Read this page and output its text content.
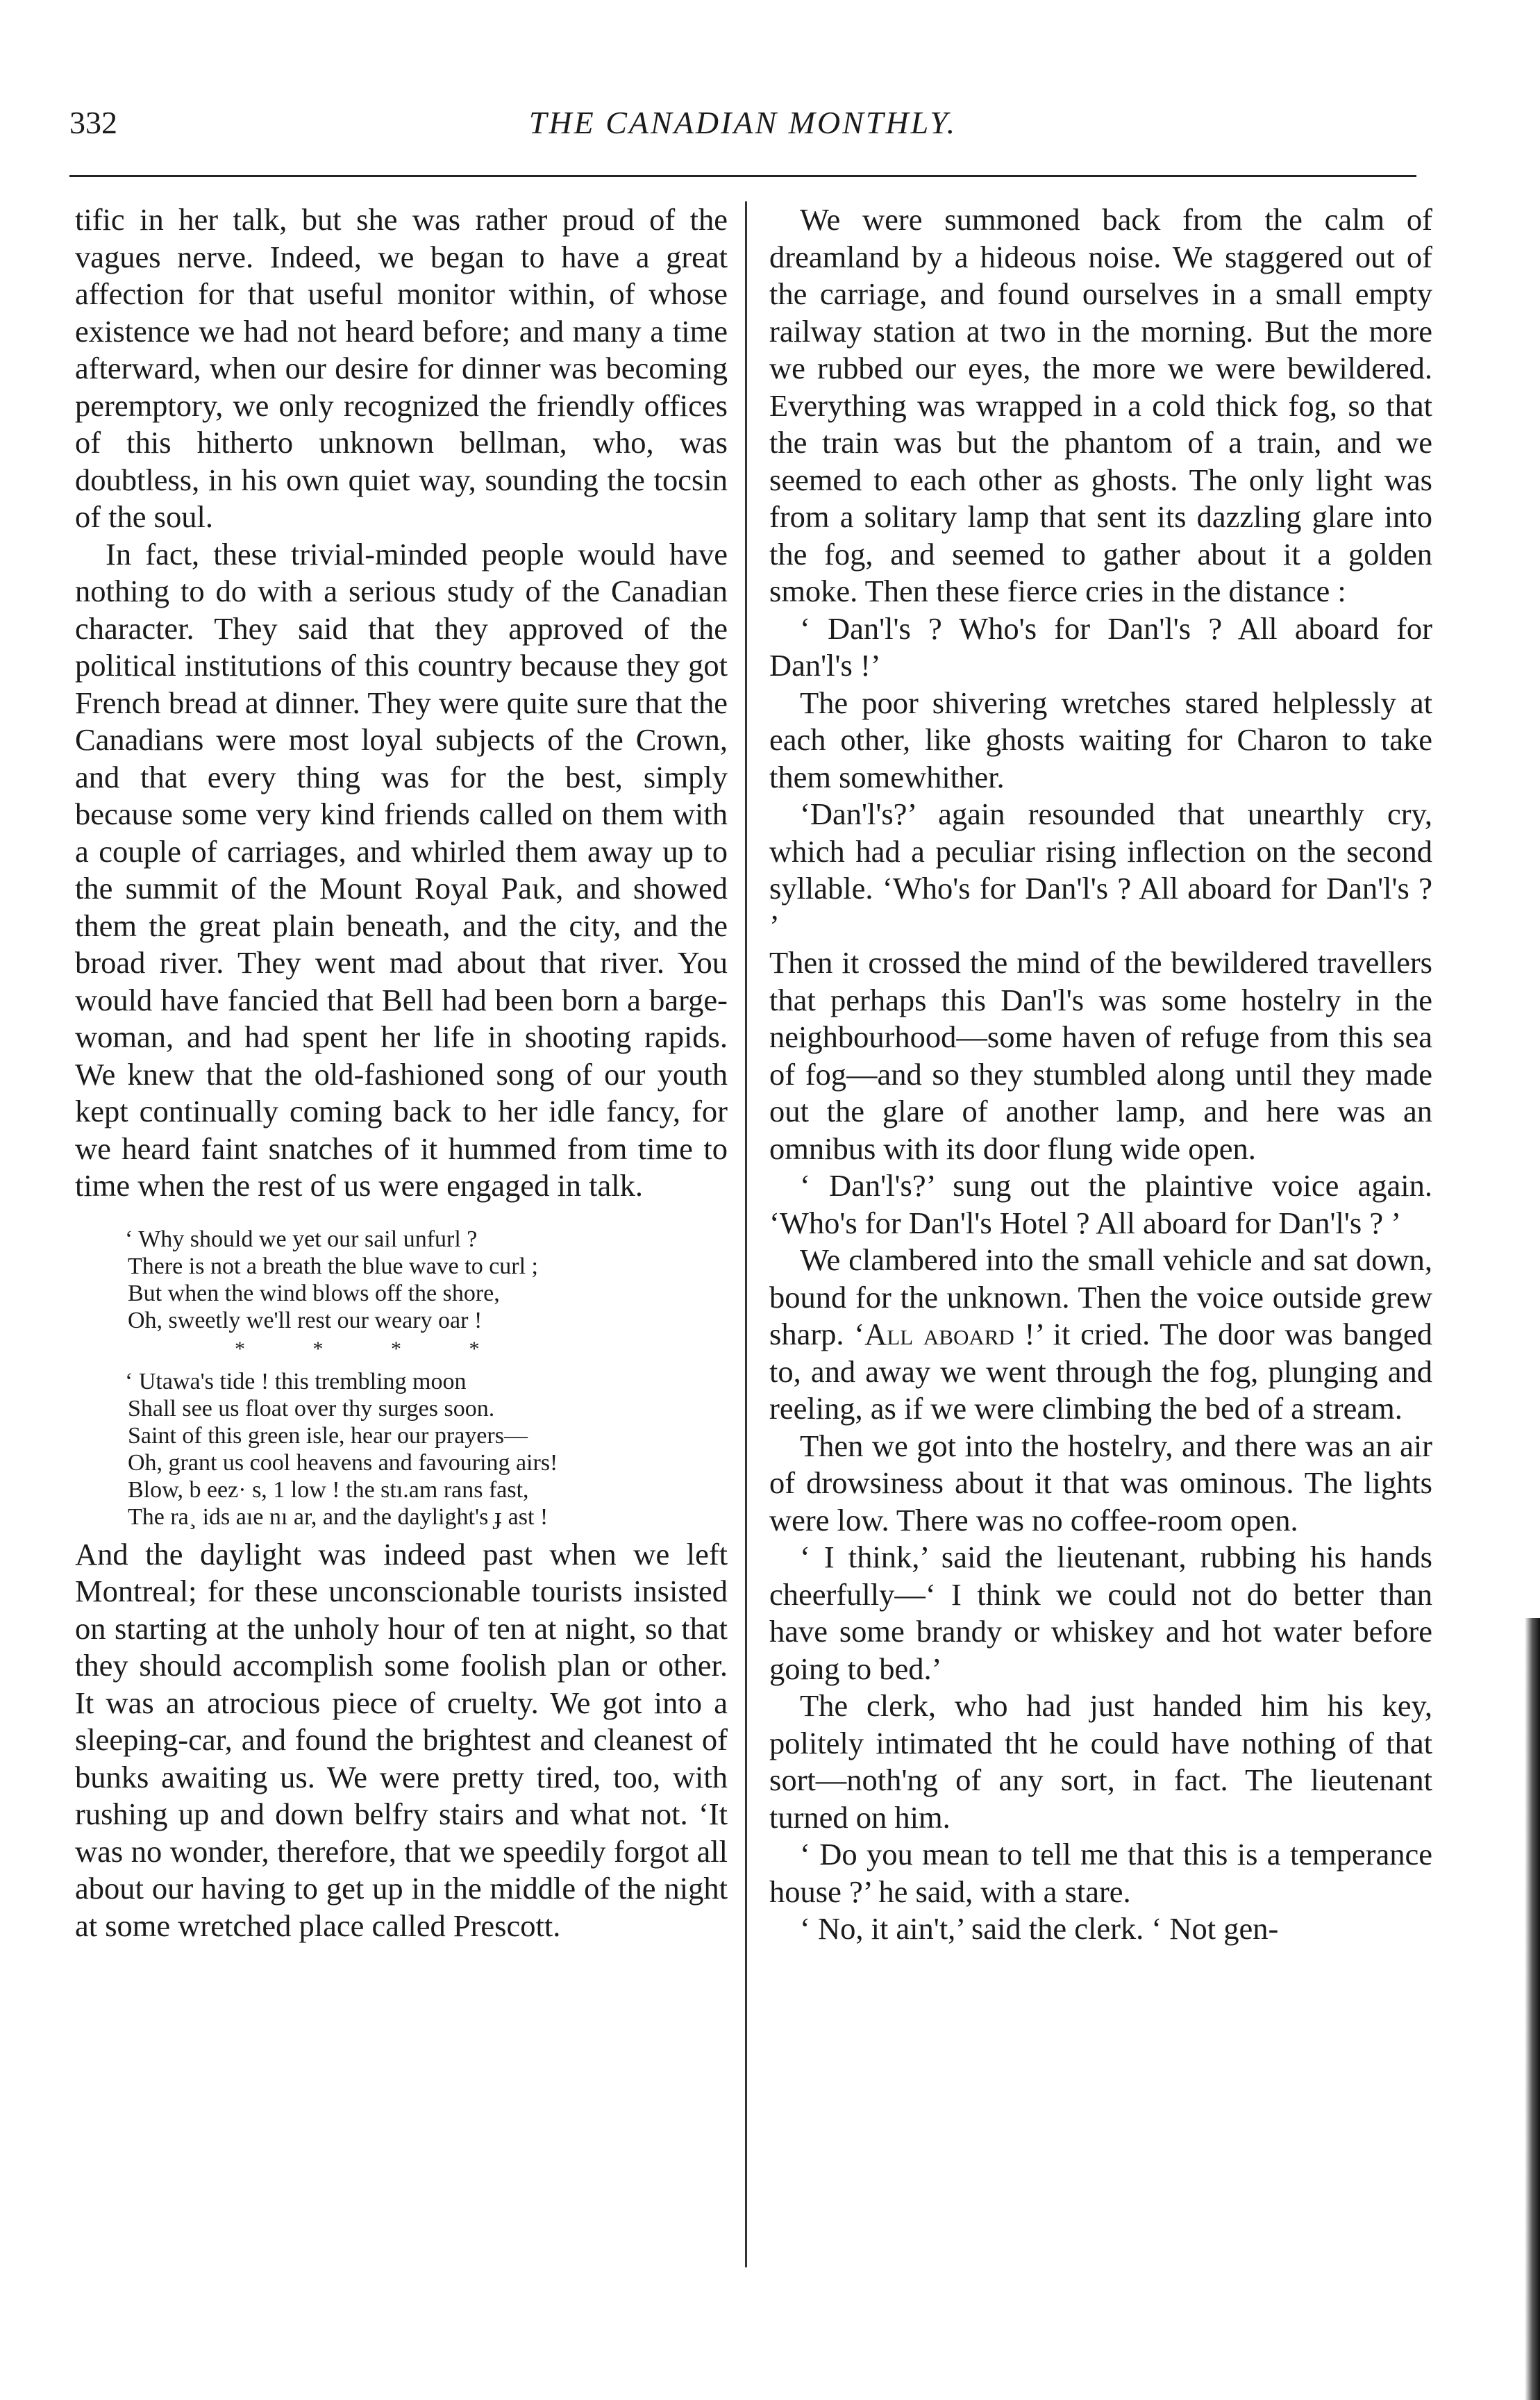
332	THE CANADIAN MONTHLY.

tific in her talk, but she was rather proud of the vagues nerve. Indeed, we began to have a great affection for that useful monitor within, of whose existence we had not heard before; and many a time afterward, when our desire for dinner was becoming peremptory, we only recognized the friendly offices of this hitherto unknown bellman, who, was doubtless, in his own quiet way, sounding the tocsin of the soul.

In fact, these trivial-minded people would have nothing to do with a serious study of the Canadian character. They said that they approved of the political institutions of this country because they got French bread at dinner. They were quite sure that the Canadians were most loyal subjects of the Crown, and that every thing was for the best, simply because some very kind friends called on them with a couple of carriages, and whirled them away up to the summit of the Mount Royal Paιk, and showed them the great plain beneath, and the city, and the broad river. They went mad about that river. You would have fancied that Bell had been born a barge-woman, and had spent her life in shooting rapids. We knew that the old-fashioned song of our youth kept continually coming back to her idle fancy, for we heard faint snatches of it hummed from time to time when the rest of us were engaged in talk.

‘ Why should we yet our sail unfurl ?
There is not a breath the blue wave to curl ;
But when the wind blows off the shore,
Oh, sweetly we'll rest our weary oar !

* * * *

‘ Utawa's tide ! this trembling moon
Shall see us float over thy surges soon.
Saint of this green isle, hear our prayers—
Oh, grant us cool heavens and favouring airs!
Blow, b eez· s, 1 low ! the stı.am rans fast,
The ra¸ ids aıe nı ar, and the daylight's ɟ ast !

And the daylight was indeed past when we left Montreal; for these unconscionable tourists insisted on starting at the unholy hour of ten at night, so that they should accomplish some foolish plan or other. It was an atrocious piece of cruelty. We got into a sleeping-car, and found the brightest and cleanest of bunks awaiting us. We were pretty tired, too, with rushing up and down belfry stairs and what not. ‘It was no wonder, therefore, that we speedily forgot all about our having to get up in the middle of the night at some wretched place called Prescott.

We were summoned back from the calm of dreamland by a hideous noise. We staggered out of the carriage, and found ourselves in a small empty railway station at two in the morning. But the more we rubbed our eyes, the more we were bewildered. Everything was wrapped in a cold thick fog, so that the train was but the phantom of a train, and we seemed to each other as ghosts. The only light was from a solitary lamp that sent its dazzling glare into the fog, and seemed to gather about it a golden smoke. Then these fierce cries in the distance :

‘ Dan'l's ? Who's for Dan'l's ? All aboard for Dan'l's !’

The poor shivering wretches stared helplessly at each other, like ghosts waiting for Charon to take them somewhither.

‘Dan'l's?’ again resounded that unearthly cry, which had a peculiar rising inflection on the second syllable. ‘Who's for Dan'l's ? All aboard for Dan'l's ? ’

Then it crossed the mind of the bewildered travellers that perhaps this Dan'l's was some hostelry in the neighbourhood—some haven of refuge from this sea of fog—and so they stumbled along until they made out the glare of another lamp, and here was an omnibus with its door flung wide open.

‘ Dan'l's?’ sung out the plaintive voice again. ‘Who's for Dan'l's Hotel ? All aboard for Dan'l's ? ’

We clambered into the small vehicle and sat down, bound for the unknown. Then the voice outside grew sharp. ‘All aboard !’ it cried. The door was banged to, and away we went through the fog, plunging and reeling, as if we were climbing the bed of a stream.

Then we got into the hostelry, and there was an air of drowsiness about it that was ominous. The lights were low. There was no coffee-room open.

‘ I think,’ said the lieutenant, rubbing his hands cheerfully—‘ I think we could not do better than have some brandy or whiskey and hot water before going to bed.’

The clerk, who had just handed him his key, politely intimated tht he could have nothing of that sort—noth'ng of any sort, in fact. The lieutenant turned on him.

‘ Do you mean to tell me that this is a temperance house ?’ he said, with a stare.

‘ No, it ain't,’ said the clerk. ‘ Not gen-
